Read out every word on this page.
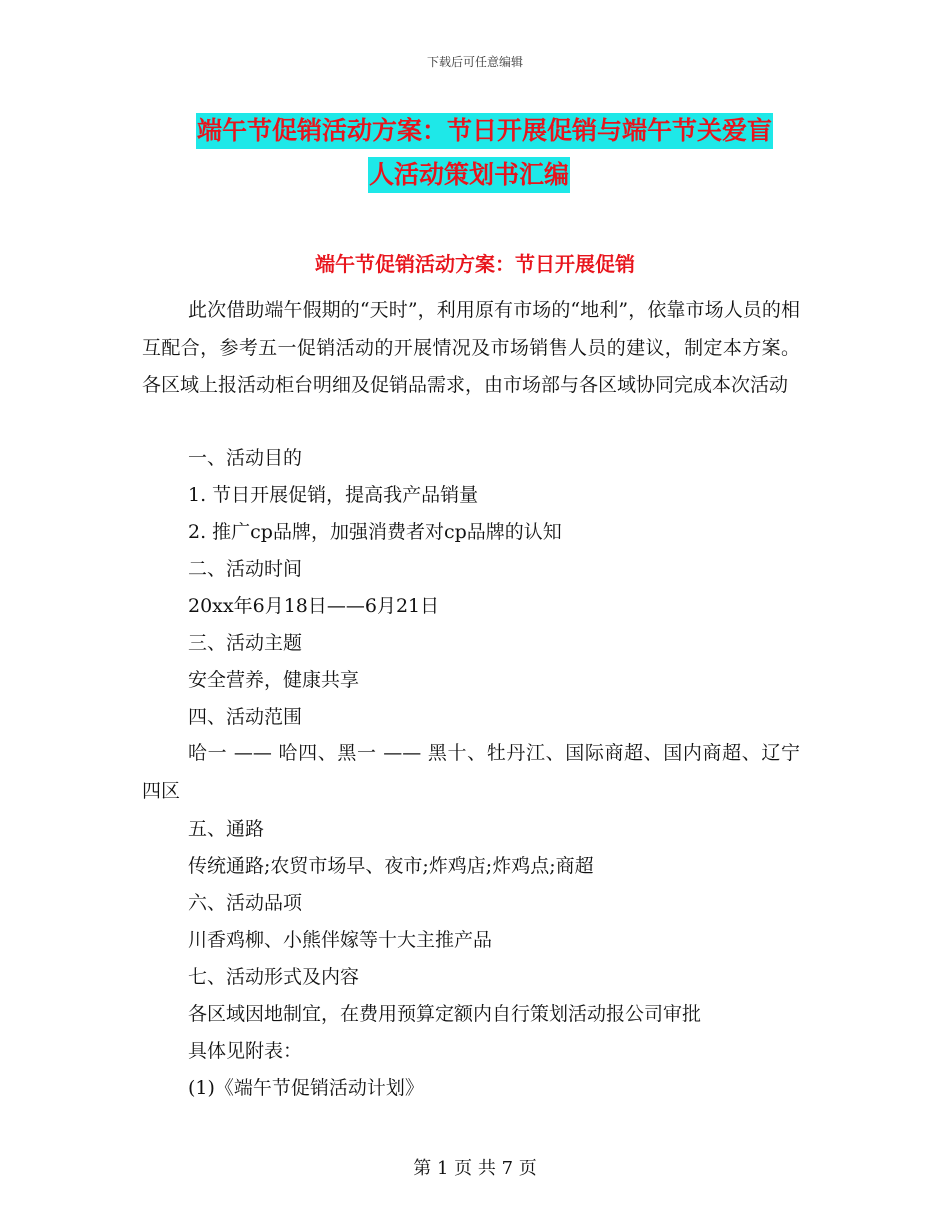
下载后可任意编辑
端午节促销活动方案：节日开展促销与端午节关爱盲
人活动策划书汇编
端午节促销活动方案：节日开展促销

此次借助端午假期的“天时”，利用原有市场的“地利”，依靠市场人员的相互配合，参考五一促销活动的开展情况及市场销售人员的建议，制定本方案。各区域上报活动柜台明细及促销品需求，由市场部与各区域协同完成本次活动

一、活动目的

1. 节日开展促销，提高我产品销量

2. 推广cp品牌，加强消费者对cp品牌的认知

二、活动时间

20xx年6月18日——6月21日

三、活动主题

安全营养，健康共享

四、活动范围

哈一 —— 哈四、黑一 —— 黑十、牡丹江、国际商超、国内商超、辽宁四区

五、通路

传统通路;农贸市场早、夜市;炸鸡店;炸鸡点;商超

六、活动品项

川香鸡柳、小熊伴嫁等十大主推产品

七、活动形式及内容

各区域因地制宜，在费用预算定额内自行策划活动报公司审批

具体见附表：

(1)《端午节促销活动计划》

第 1 页 共 7 页
